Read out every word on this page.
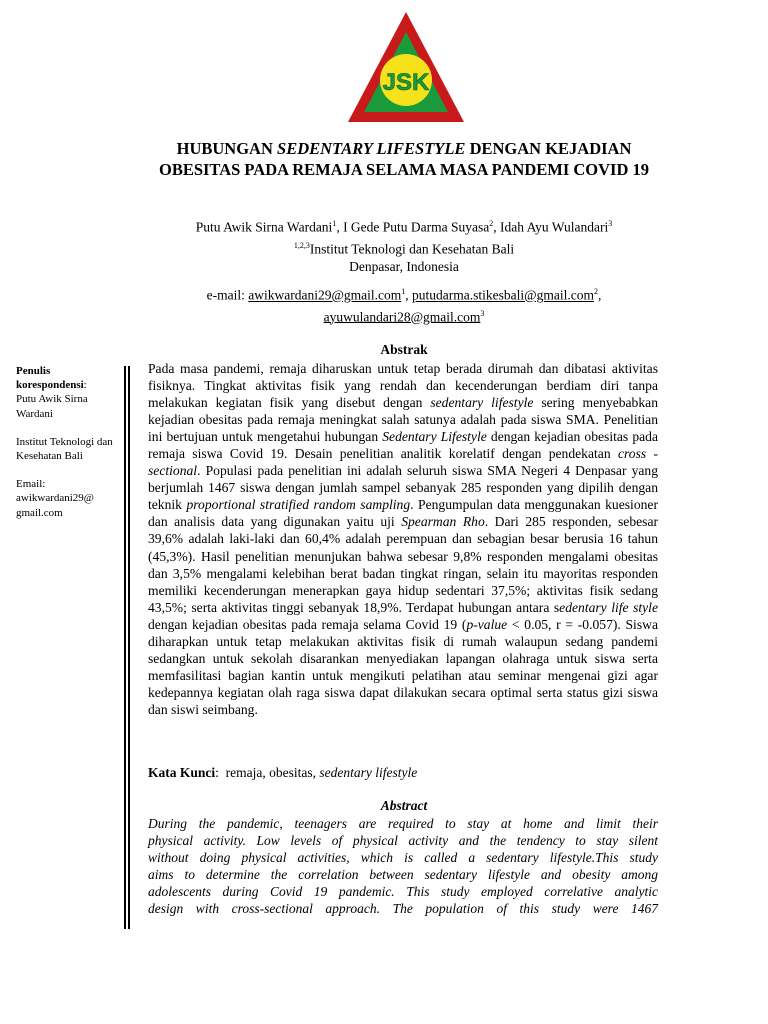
JSK
HUBUNGAN SEDENTARY LIFESTYLE DENGAN KEJADIAN OBESITAS PADA REMAJA SELAMA MASA PANDEMI COVID 19
Putu Awik Sirna Wardani$^1$, I Gede Putu Darma Suyasa$^2$, Idah Ayu Wulandari$^3$
$^{1,2,3}$Institut Teknologi dan Kesehatan Bali
Denpasar, Indonesia
e-mail: awikwardani29@gmail.com$^1$, putudarma.stikesbali@gmail.com$^2$,
ayuwulandari28@gmail.com$^3$

Penulis korespondensi:
Putu Awik Sirna Wardani

Institut Teknologi dan Kesehatan Bali

Email:
awikwardani29@ gmail.com

Abstrak
Pada masa pandemi, remaja diharuskan untuk tetap berada dirumah dan dibatasi aktivitas fisiknya. Tingkat aktivitas fisik yang rendah dan kecenderungan berdiam diri tanpa melakukan kegiatan fisik yang disebut dengan sedentary lifestyle sering menyebabkan kejadian obesitas pada remaja meningkat salah satunya adalah pada siswa SMA. Penelitian ini bertujuan untuk mengetahui hubungan Sedentary Lifestyle dengan kejadian obesitas pada remaja siswa Covid 19. Desain penelitian analitik korelatif dengan pendekatan cross -sectional. Populasi pada penelitian ini adalah seluruh siswa SMA Negeri 4 Denpasar yang berjumlah 1467 siswa dengan jumlah sampel sebanyak 285 responden yang dipilih dengan teknik proportional stratified random sampling. Pengumpulan data menggunakan kuesioner dan analisis data yang digunakan yaitu uji Spearman Rho. Dari 285 responden, sebesar 39,6% adalah laki-laki dan 60,4% adalah perempuan dan sebagian besar berusia 16 tahun (45,3%). Hasil penelitian menunjukan bahwa sebesar 9,8% responden mengalami obesitas dan 3,5% mengalami kelebihan berat badan tingkat ringan, selain itu mayoritas responden memiliki kecenderungan menerapkan gaya hidup sedentari 37,5%; aktivitas fisik sedang 43,5%; serta aktivitas tinggi sebanyak 18,9%. Terdapat hubungan antara sedentary life style dengan kejadian obesitas pada remaja selama Covid 19 (p-value < 0.05, r = -0.057). Siswa diharapkan untuk tetap melakukan aktivitas fisik di rumah walaupun sedang pandemi sedangkan untuk sekolah disarankan menyediakan lapangan olahraga untuk siswa serta memfasilitasi bagian kantin untuk mengikuti pelatihan atau seminar mengenai gizi agar kedepannya kegiatan olah raga siswa dapat dilakukan secara optimal serta status gizi siswa dan siswi seimbang.
Kata Kunci:  remaja, obesitas, sedentary lifestyle
Abstract
During the pandemic, teenagers are required to stay at home and limit their
physical activity. Low levels of physical activity and the tendency to stay silent
without doing physical activities, which is called a sedentary lifestyle.This study
aims to determine the correlation between sedentary lifestyle and obesity among
adolescents during Covid 19 pandemic. This study employed correlative analytic
design with cross-sectional approach. The population of this study were 1467
